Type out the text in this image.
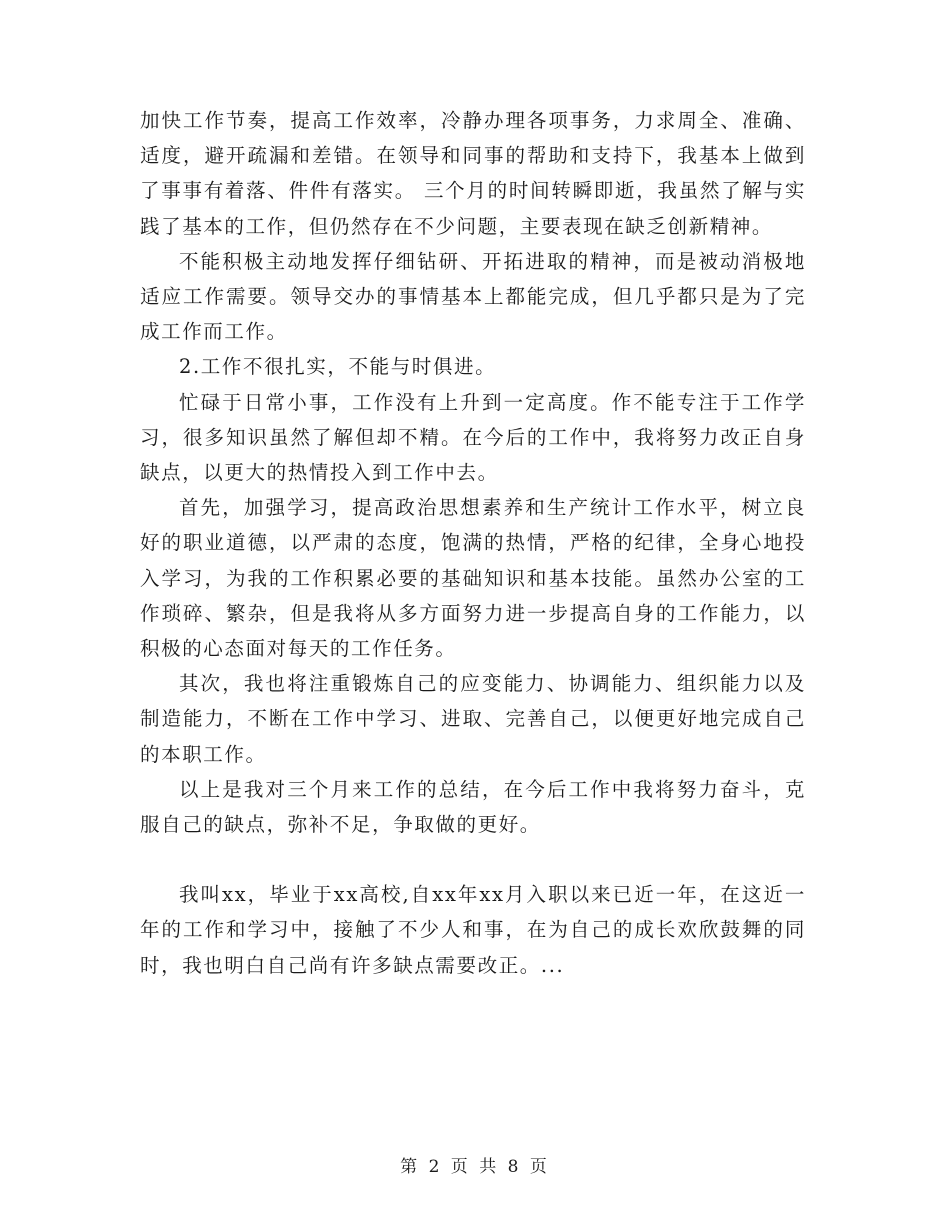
加快工作节奏，提高工作效率，冷静办理各项事务，力求周全、准确、适度，避开疏漏和差错。在领导和同事的帮助和支持下，我基本上做到了事事有着落、件件有落实。 三个月的时间转瞬即逝，我虽然了解与实践了基本的工作，但仍然存在不少问题，主要表现在缺乏创新精神。

不能积极主动地发挥仔细钻研、开拓进取的精神，而是被动消极地适应工作需要。领导交办的事情基本上都能完成，但几乎都只是为了完成工作而工作。

2.工作不很扎实，不能与时俱进。

忙碌于日常小事，工作没有上升到一定高度。作不能专注于工作学习，很多知识虽然了解但却不精。在今后的工作中，我将努力改正自身缺点，以更大的热情投入到工作中去。

首先，加强学习，提高政治思想素养和生产统计工作水平，树立良好的职业道德，以严肃的态度，饱满的热情，严格的纪律，全身心地投入学习，为我的工作积累必要的基础知识和基本技能。虽然办公室的工作琐碎、繁杂，但是我将从多方面努力进一步提高自身的工作能力，以积极的心态面对每天的工作任务。

其次，我也将注重锻炼自己的应变能力、协调能力、组织能力以及制造能力，不断在工作中学习、进取、完善自己，以便更好地完成自己的本职工作。

以上是我对三个月来工作的总结，在今后工作中我将努力奋斗，克服自己的缺点，弥补不足，争取做的更好。

我叫xx，毕业于xx高校,自xx年xx月入职以来已近一年，在这近一年的工作和学习中，接触了不少人和事，在为自己的成长欢欣鼓舞的同时，我也明白自己尚有许多缺点需要改正。...

第 2 页 共 8 页
